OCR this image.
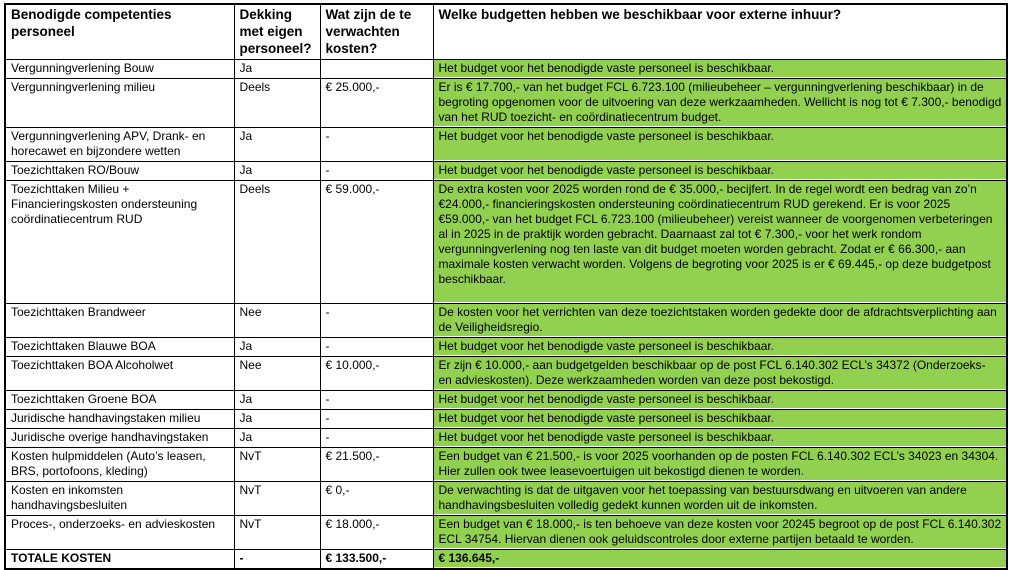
Benodigde competenties personeel	Dekking met eigen personeel?	Wat zijn de te verwachten kosten?	Welke budgetten hebben we beschikbaar voor externe inhuur?
Vergunningverlening Bouw	Ja		Het budget voor het benodigde vaste personeel is beschikbaar.
Vergunningverlening milieu	Deels	€ 25.000,-	Er is € 17.700,- van het budget FCL 6.723.100 (milieubeheer – vergunningverlening beschikbaar) in de begroting opgenomen voor de uitvoering van deze werkzaamheden. Wellicht is nog tot € 7.300,- benodigd van het RUD toezicht- en coördinatiecentrum budget.
Vergunningverlening APV, Drank- en horecawet en bijzondere wetten	Ja	-	Het budget voor het benodigde vaste personeel is beschikbaar.
Toezichttaken RO/Bouw	Ja	-	Het budget voor het benodigde vaste personeel is beschikbaar.
Toezichttaken Milieu + Financieringskosten ondersteuning coördinatiecentrum RUD	Deels	€ 59.000,-	De extra kosten voor 2025 worden rond de € 35.000,- becijfert. In de regel wordt een bedrag van zo’n €24.000,- financieringskosten ondersteuning coördinatiecentrum RUD gerekend. Er is voor 2025 €59.000,- van het budget FCL 6.723.100 (milieubeheer) vereist wanneer de voorgenomen verbeteringen al in 2025 in de praktijk worden gebracht. Daarnaast zal tot € 7.300,- voor het werk rondom vergunningverlening nog ten laste van dit budget moeten worden gebracht. Zodat er € 66.300,- aan maximale kosten verwacht worden. Volgens de begroting voor 2025 is er € 69.445,- op deze budgetpost beschikbaar.
Toezichttaken Brandweer	Nee	-	De kosten voor het verrichten van deze toezichtstaken worden gedekte door de afdrachtsverplichting aan de Veiligheidsregio.
Toezichttaken Blauwe BOA	Ja	-	Het budget voor het benodigde vaste personeel is beschikbaar.
Toezichttaken BOA Alcoholwet	Nee	€ 10.000,-	Er zijn € 10.000,- aan budgetgelden beschikbaar op de post FCL 6.140.302 ECL’s 34372 (Onderzoeks- en advieskosten). Deze werkzaamheden worden van deze post bekostigd.
Toezichttaken Groene BOA	Ja	-	Het budget voor het benodigde vaste personeel is beschikbaar.
Juridische handhavingstaken milieu	Ja	-	Het budget voor het benodigde vaste personeel is beschikbaar.
Juridische overige handhavingstaken	Ja	-	Het budget voor het benodigde vaste personeel is beschikbaar.
Kosten hulpmiddelen (Auto’s leasen, BRS, portofoons, kleding)	NvT	€ 21.500,-	Een budget van € 21.500,- is voor 2025 voorhanden op de posten FCL 6.140.302 ECL’s 34023 en 34304. Hier zullen ook twee leasevoertuigen uit bekostigd dienen te worden.
Kosten en inkomsten handhavingsbesluiten	NvT	€ 0,-	De verwachting is dat de uitgaven voor het toepassing van bestuursdwang en uitvoeren van andere handhavingsbesluiten volledig gedekt kunnen worden uit de inkomsten.
Proces-, onderzoeks- en advieskosten	NvT	€ 18.000,-	Een budget van € 18.000,- is ten behoeve van deze kosten voor 20245 begroot op de post FCL 6.140.302 ECL 34754. Hiervan dienen ook geluidscontroles door externe partijen betaald te worden.
TOTALE KOSTEN	-	€ 133.500,-	€ 136.645,-
